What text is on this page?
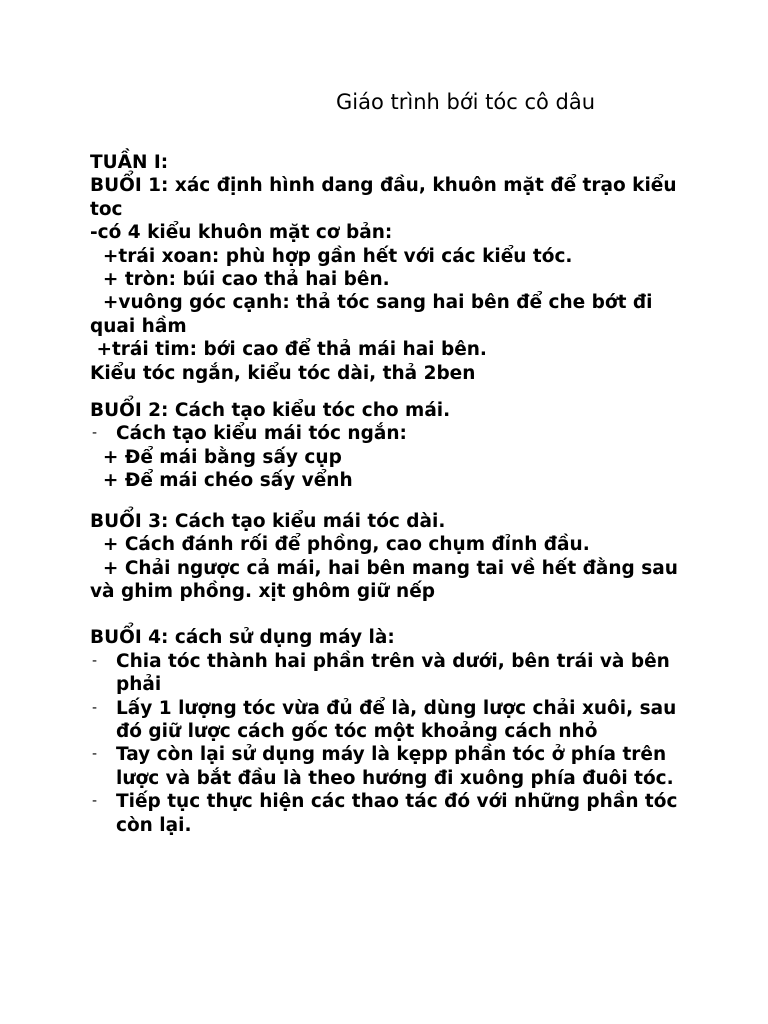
Giáo trình bới tóc cô dâu
TUẦN I:
BUỔI 1: xác định hình dang đầu, khuôn mặt để trạo kiểu toc
-có 4 kiểu khuôn mặt cơ bản:
+trái xoan: phù hợp gần hết với các kiểu tóc.
+ tròn: búi cao thả hai bên.
+vuông góc cạnh: thả tóc sang hai bên để che bớt đi quai hầm
+trái tim: bới cao để thả mái hai bên.
Kiểu tóc ngắn, kiểu tóc dài, thả 2ben
BUỔI 2: Cách tạo kiểu tóc cho mái.
- Cách tạo kiểu mái tóc ngắn:
+ Để mái bằng sấy cụp
+ Để mái chéo sấy vểnh
BUỔI 3: Cách tạo kiểu mái tóc dài.
+ Cách đánh rối để phồng, cao chụm đỉnh đầu.
+ Chải ngược cả mái, hai bên mang tai về hết đằng sau và ghim phồng. xịt ghôm giữ nếp
BUỔI 4: cách sử dụng máy là:
- Chia tóc thành hai phần trên và dưới, bên trái và bên phải
- Lấy 1 lượng tóc vừa đủ để là, dùng lược chải xuôi, sau đó giữ lược cách gốc tóc một khoảng cách nhỏ
- Tay còn lại sử dụng máy là kẹpp phần tóc ở phía trên lược và bắt đầu là theo hướng đi xuông phía đuôi tóc.
- Tiếp tục thực hiện các thao tác đó với những phần tóc còn lại.
